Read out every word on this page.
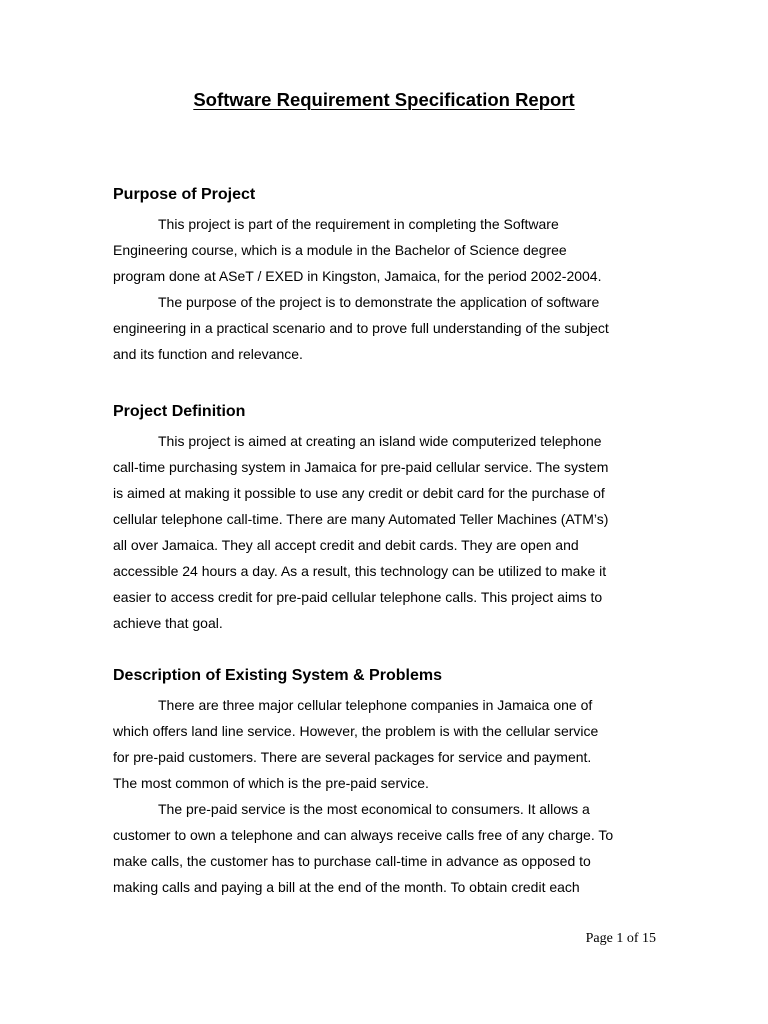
Software Requirement Specification Report
Purpose of Project
This project is part of the requirement in completing the Software
Engineering course, which is a module in the Bachelor of Science degree
program done at ASeT / EXED in Kingston, Jamaica, for the period 2002-2004.
The purpose of the project is to demonstrate the application of software
engineering in a practical scenario and to prove full understanding of the subject
and its function and relevance.
Project Definition
This project is aimed at creating an island wide computerized telephone
call-time purchasing system in Jamaica for pre-paid cellular service. The system
is aimed at making it possible to use any credit or debit card for the purchase of
cellular telephone call-time. There are many Automated Teller Machines (ATM’s)
all over Jamaica. They all accept credit and debit cards. They are open and
accessible 24 hours a day. As a result, this technology can be utilized to make it
easier to access credit for pre-paid cellular telephone calls. This project aims to
achieve that goal.
Description of Existing System & Problems
There are three major cellular telephone companies in Jamaica one of
which offers land line service. However, the problem is with the cellular service
for pre-paid customers. There are several packages for service and payment.
The most common of which is the pre-paid service.
The pre-paid service is the most economical to consumers. It allows a
customer to own a telephone and can always receive calls free of any charge. To
make calls, the customer has to purchase call-time in advance as opposed to
making calls and paying a bill at the end of the month. To obtain credit each
Page 1 of 15
